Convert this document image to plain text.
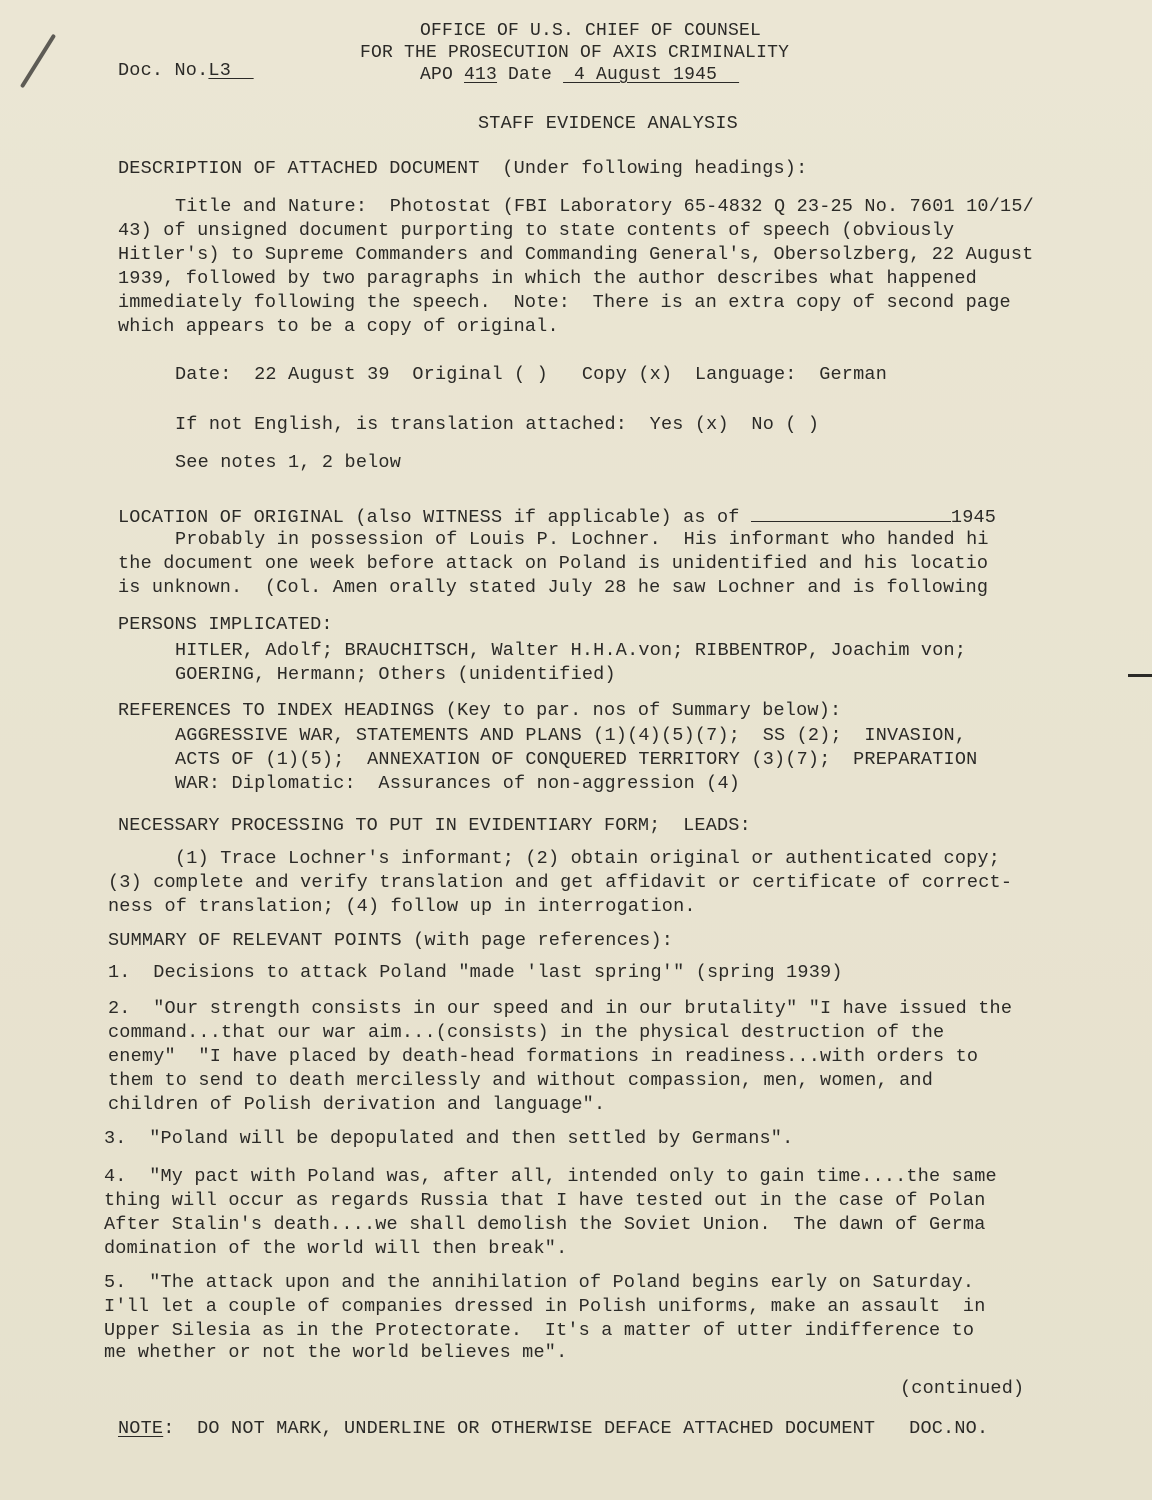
OFFICE OF U.S. CHIEF OF COUNSEL
FOR THE PROSECUTION OF AXIS CRIMINALITY
Doc. No.L3	APO 413 Date  4 August 1945
STAFF EVIDENCE ANALYSIS
DESCRIPTION OF ATTACHED DOCUMENT  (Under following headings):
Title and Nature:  Photostat (FBI Laboratory 65-4832 Q 23-25 No. 7601 10/15/
43) of unsigned document purporting to state contents of speech (obviously
Hitler's) to Supreme Commanders and Commanding General's, Obersolzberg, 22 August
1939, followed by two paragraphs in which the author describes what happened
immediately following the speech.  Note:  There is an extra copy of second page
which appears to be a copy of original.
Date:  22 August 39  Original ( )   Copy (x)  Language:  German
If not English, is translation attached:  Yes (x)  No ( )
See notes 1, 2 below
LOCATION OF ORIGINAL (also WITNESS if applicable) as of	1945
Probably in possession of Louis P. Lochner.  His informant who handed hi
the document one week before attack on Poland is unidentified and his locatio
is unknown.  (Col. Amen orally stated July 28 he saw Lochner and is following
PERSONS IMPLICATED:
HITLER, Adolf; BRAUCHITSCH, Walter H.H.A.von; RIBBENTROP, Joachim von;
GOERING, Hermann; Others (unidentified)
REFERENCES TO INDEX HEADINGS (Key to par. nos of Summary below):
AGGRESSIVE WAR, STATEMENTS AND PLANS (1)(4)(5)(7);  SS (2);  INVASION,
ACTS OF (1)(5);  ANNEXATION OF CONQUERED TERRITORY (3)(7);  PREPARATION
WAR: Diplomatic:  Assurances of non-aggression (4)
NECESSARY PROCESSING TO PUT IN EVIDENTIARY FORM;  LEADS:
(1) Trace Lochner's informant; (2) obtain original or authenticated copy;
(3) complete and verify translation and get affidavit or certificate of correct-
ness of translation; (4) follow up in interrogation.
SUMMARY OF RELEVANT POINTS (with page references):
1.  Decisions to attack Poland "made 'last spring'" (spring 1939)
2.  "Our strength consists in our speed and in our brutality" "I have issued the
command...that our war aim...(consists) in the physical destruction of the
enemy"  "I have placed by death-head formations in readiness...with orders to
them to send to death mercilessly and without compassion, men, women, and
children of Polish derivation and language".
3.  "Poland will be depopulated and then settled by Germans".
4.  "My pact with Poland was, after all, intended only to gain time....the same
thing will occur as regards Russia that I have tested out in the case of Polan
After Stalin's death....we shall demolish the Soviet Union.  The dawn of Germa
domination of the world will then break".
5.  "The attack upon and the annihilation of Poland begins early on Saturday.
I'll let a couple of companies dressed in Polish uniforms, make an assault  in
Upper Silesia as in the Protectorate.  It's a matter of utter indifference to
me whether or not the world believes me".
(continued)
NOTE:  DO NOT MARK, UNDERLINE OR OTHERWISE DEFACE ATTACHED DOCUMENT   DOC.NO.
